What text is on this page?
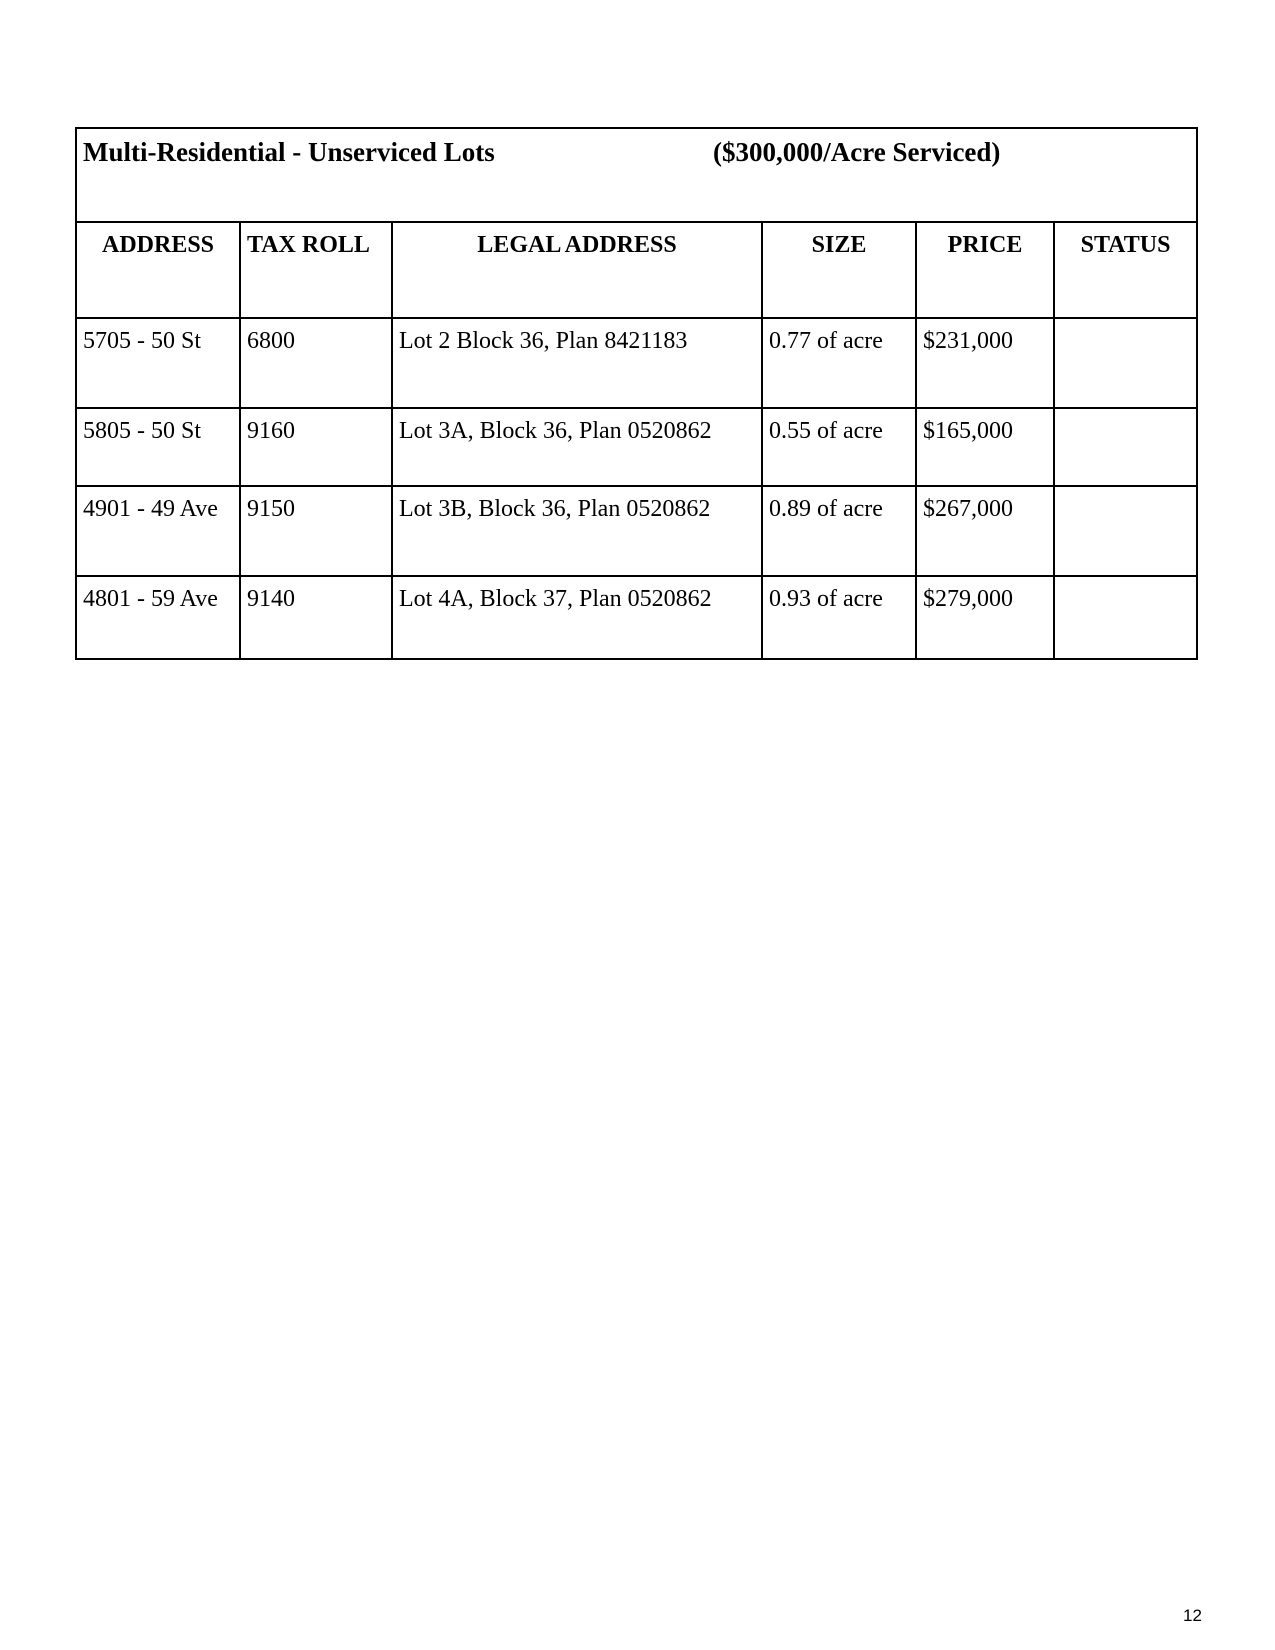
Multi-Residential - Unserviced Lots ($300,000/Acre Serviced)					

ADDRESS	TAX ROLL	LEGAL ADDRESS	SIZE	PRICE	STATUS
5705 - 50 St	6800	Lot 2 Block 36, Plan 8421183	0.77 of acre	$231,000	
5805 - 50 St	9160	Lot 3A, Block 36, Plan 0520862	0.55 of acre	$165,000	
4901 - 49 Ave	9150	Lot 3B, Block 36, Plan 0520862	0.89 of acre	$267,000	
4801 - 59 Ave	9140	Lot 4A, Block 37, Plan 0520862	0.93 of acre	$279,000	
12
